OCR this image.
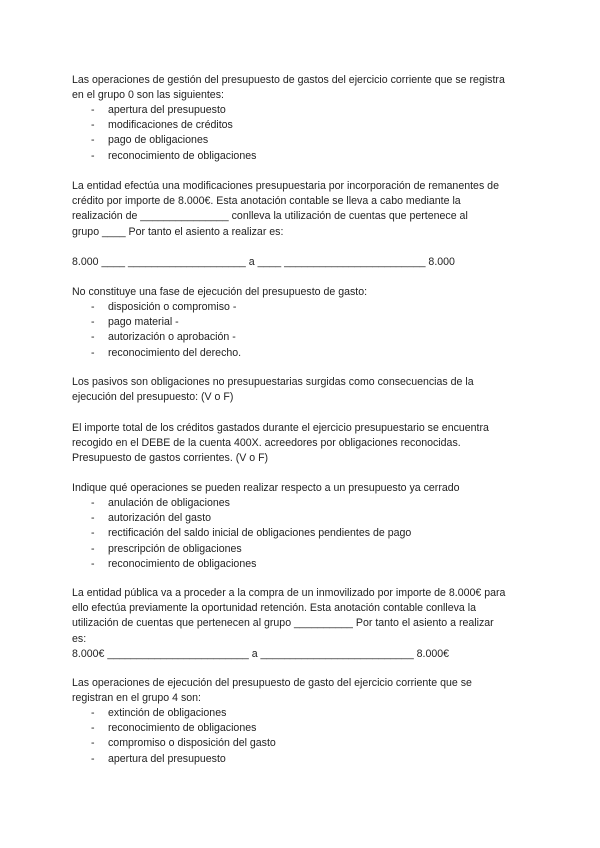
Las operaciones de gestión del presupuesto de gastos del ejercicio corriente que se registra
en el grupo 0 son las siguientes:
- apertura del presupuesto
- modificaciones de créditos
- pago de obligaciones
- reconocimiento de obligaciones
La entidad efectúa una modificaciones presupuestaria por incorporación de remanentes de
crédito por importe de 8.000€. Esta anotación contable se lleva a cabo mediante la
realización de _______________ conlleva la utilización de cuentas que pertenece al
grupo ____ Por tanto el asiento a realizar es:
8.000 ____ ____________________ a ____ ________________________ 8.000
No constituye una fase de ejecución del presupuesto de gasto:
- disposición o compromiso -
- pago material -
- autorización o aprobación -
- reconocimiento del derecho.
Los pasivos son obligaciones no presupuestarias surgidas como consecuencias de la
ejecución del presupuesto: (V o F)
El importe total de los créditos gastados durante el ejercicio presupuestario se encuentra
recogido en el DEBE de la cuenta 400X. acreedores por obligaciones reconocidas.
Presupuesto de gastos corrientes. (V o F)
Indique qué operaciones se pueden realizar respecto a un presupuesto ya cerrado
- anulación de obligaciones
- autorización del gasto
- rectificación del saldo inicial de obligaciones pendientes de pago
- prescripción de obligaciones
- reconocimiento de obligaciones
La entidad pública va a proceder a la compra de un inmovilizado por importe de 8.000€ para
ello efectúa previamente la oportunidad retención. Esta anotación contable conlleva la
utilización de cuentas que pertenecen al grupo __________ Por tanto el asiento a realizar
es:
8.000€ ________________________ a __________________________ 8.000€
Las operaciones de ejecución del presupuesto de gasto del ejercicio corriente que se
registran en el grupo 4 son:
- extinción de obligaciones
- reconocimiento de obligaciones
- compromiso o disposición del gasto
- apertura del presupuesto
